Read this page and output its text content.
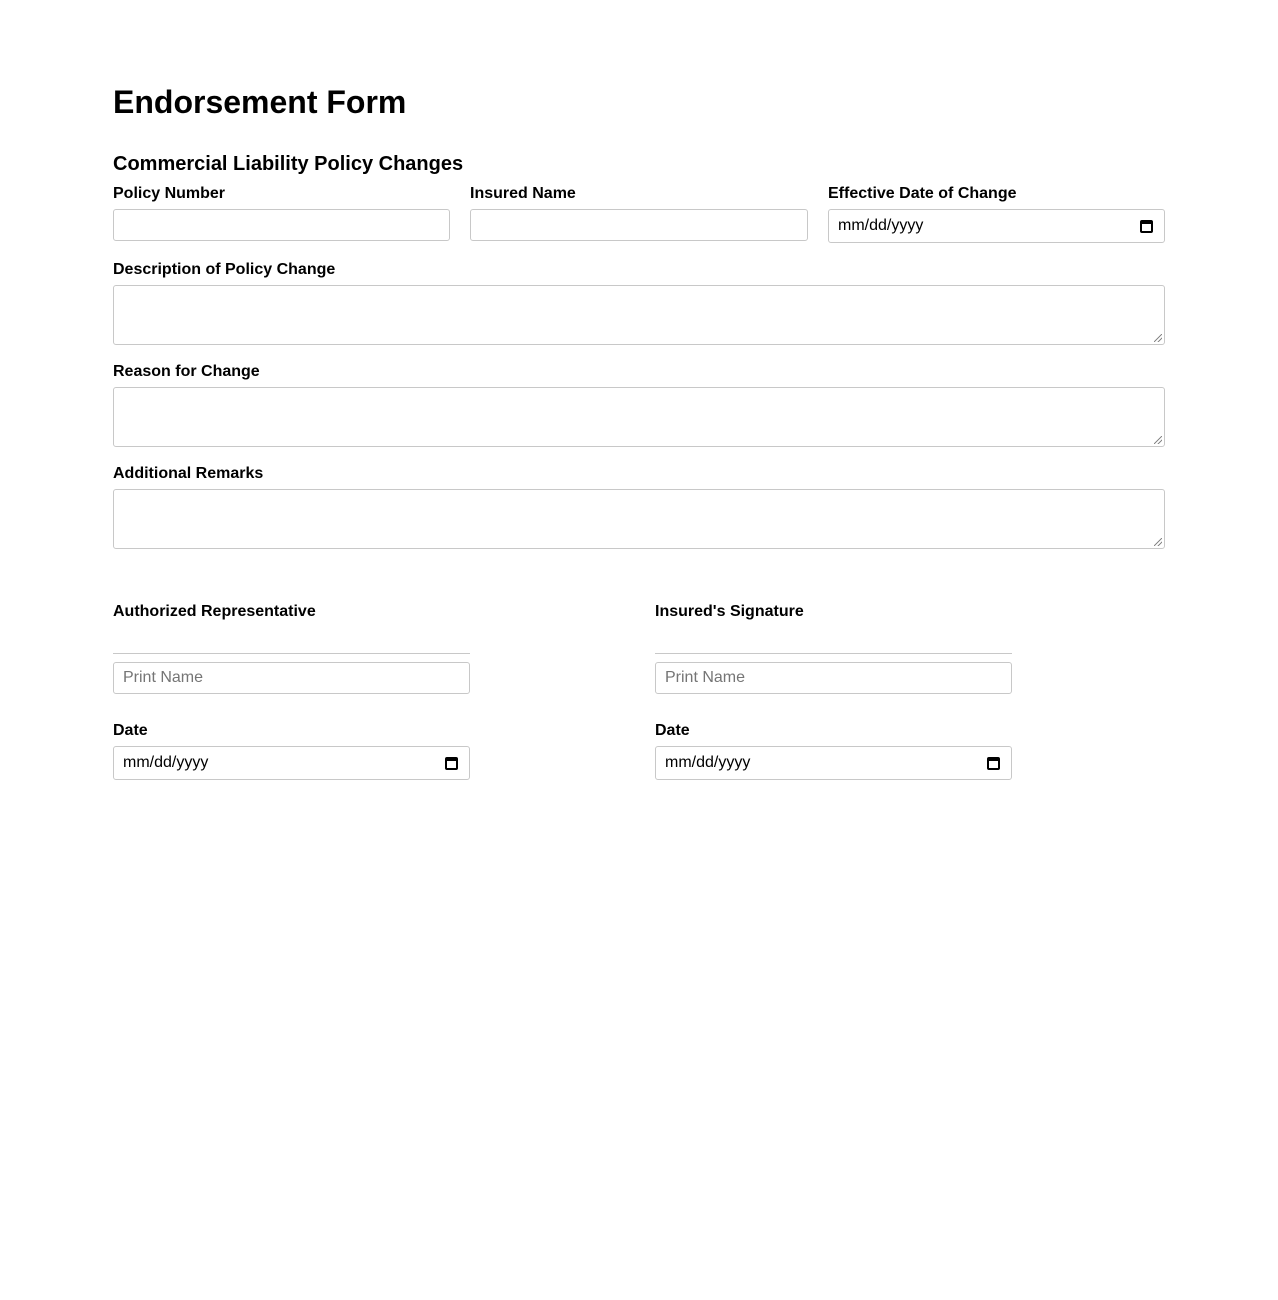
Endorsement Form
Commercial Liability Policy Changes
Policy Number	Insured Name	Effective Date of Change
mm/dd/yyyy
Description of Policy Change
Reason for Change
Additional Remarks
Authorized Representative
Print Name
Date
mm/dd/yyyy
Insured's Signature
Print Name
Date
mm/dd/yyyy
